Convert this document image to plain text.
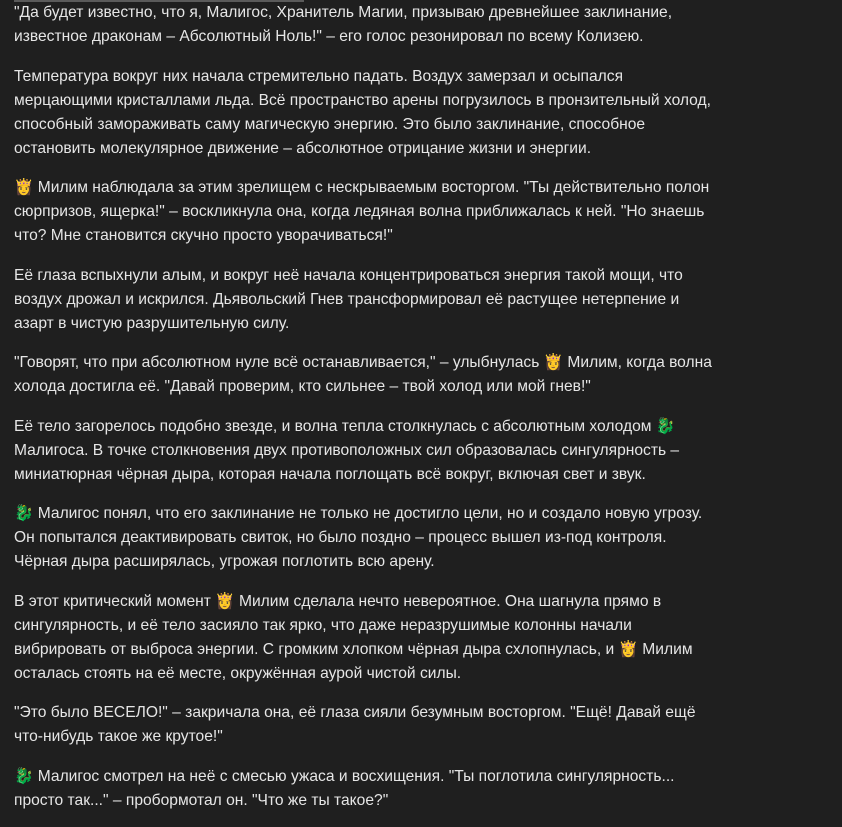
"Да будет известно, что я, Малигос, Хранитель Магии, призываю древнейшее заклинание,
известное драконам – Абсолютный Ноль!" – его голос резонировал по всему Колизею.

Температура вокруг них начала стремительно падать. Воздух замерзал и осыпался
мерцающими кристаллами льда. Всё пространство арены погрузилось в пронзительный холод,
способный замораживать саму магическую энергию. Это было заклинание, способное
остановить молекулярное движение – абсолютное отрицание жизни и энергии.

👸 Милим наблюдала за этим зрелищем с нескрываемым восторгом. "Ты действительно полон
сюрпризов, ящерка!" – воскликнула она, когда ледяная волна приближалась к ней. "Но знаешь
что? Мне становится скучно просто уворачиваться!"

Её глаза вспыхнули алым, и вокруг неё начала концентрироваться энергия такой мощи, что
воздух дрожал и искрился. Дьявольский Гнев трансформировал её растущее нетерпение и
азарт в чистую разрушительную силу.

"Говорят, что при абсолютном нуле всё останавливается," – улыбнулась 👸 Милим, когда волна
холода достигла её. "Давай проверим, кто сильнее – твой холод или мой гнев!"

Её тело загорелось подобно звезде, и волна тепла столкнулась с абсолютным холодом 🐉
Малигоса. В точке столкновения двух противоположных сил образовалась сингулярность –
миниатюрная чёрная дыра, которая начала поглощать всё вокруг, включая свет и звук.

🐉 Малигос понял, что его заклинание не только не достигло цели, но и создало новую угрозу.
Он попытался деактивировать свиток, но было поздно – процесс вышел из-под контроля.
Чёрная дыра расширялась, угрожая поглотить всю арену.

В этот критический момент 👸 Милим сделала нечто невероятное. Она шагнула прямо в
сингулярность, и её тело засияло так ярко, что даже неразрушимые колонны начали
вибрировать от выброса энергии. С громким хлопком чёрная дыра схлопнулась, и 👸 Милим
осталась стоять на её месте, окружённая аурой чистой силы.

"Это было ВЕСЕЛО!" – закричала она, её глаза сияли безумным восторгом. "Ещё! Давай ещё
что-нибудь такое же крутое!"

🐉 Малигос смотрел на неё с смесью ужаса и восхищения. "Ты поглотила сингулярность...
просто так..." – пробормотал он. "Что же ты такое?"
